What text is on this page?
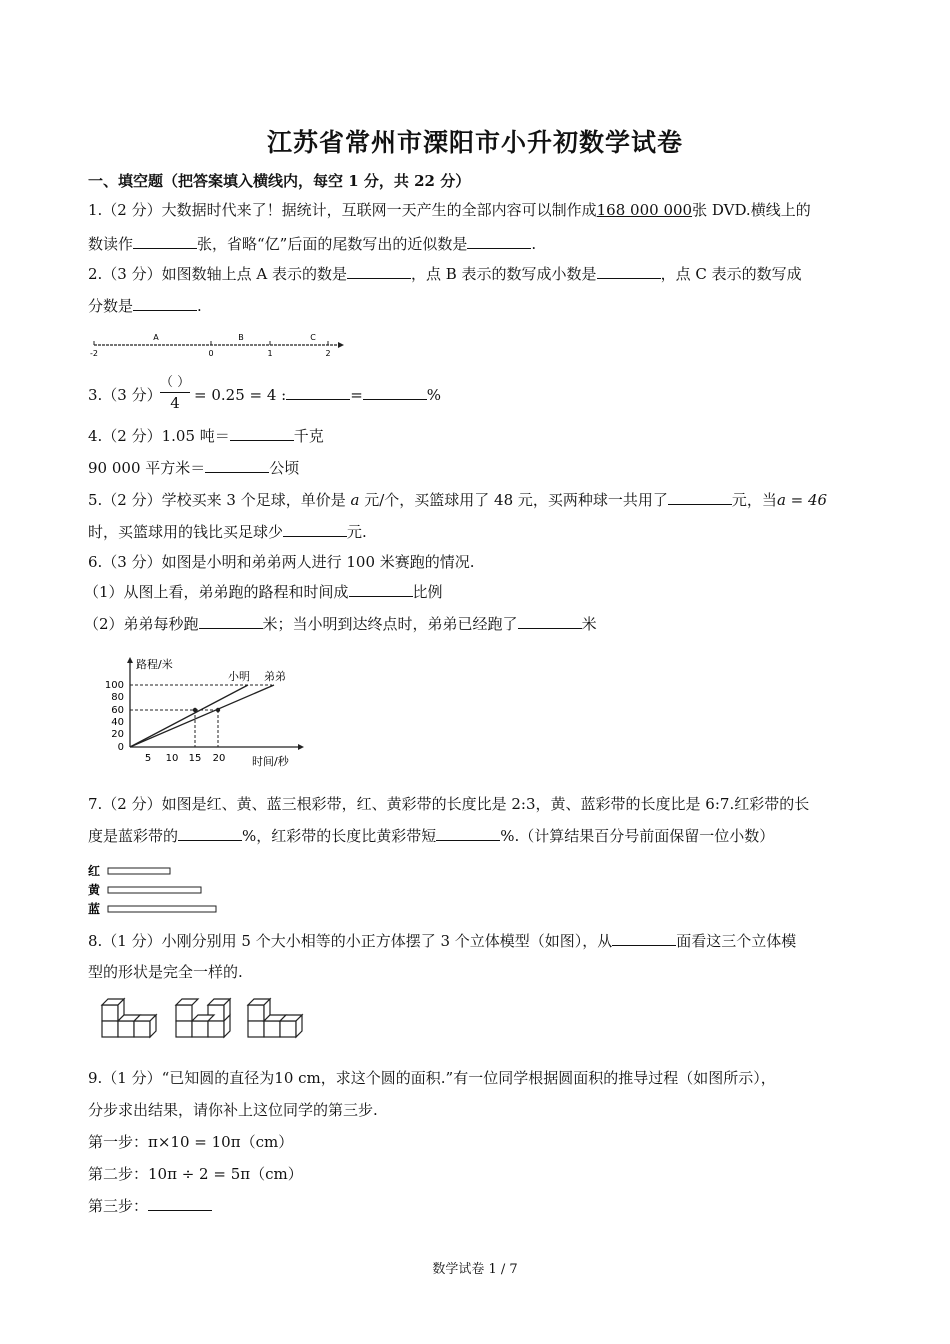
江苏省常州市溧阳市小升初数学试卷
一、填空题（把答案填入横线内，每空 1 分，共 22 分）
1.（2 分）大数据时代来了！据统计，互联网一天产生的全部内容可以制作成168 000 000张 DVD.横线上的
数读作	张，省略“亿”后面的尾数写出的近似数是	.
2.（3 分）如图数轴上点 A 表示的数是	，点 B 表示的数写成小数是	，点 C 表示的数写成
分数是	.
A	B	C
-2	0	1	2
3.（3 分）
（ ）
4 = 0.25 = 4 :	=	%
4.（2 分）1.05 吨＝	千克
90 000 平方米＝	公顷
5.（2 分）学校买来 3 个足球，单价是 a 元/个，买篮球用了 48 元，买两种球一共用了	元，当a = 46
时，买篮球用的钱比买足球少	元.
6.（3 分）如图是小明和弟弟两人进行 100 米赛跑的情况.
（1）从图上看，弟弟跑的路程和时间成	比例
（2）弟弟每秒跑	米；当小明到达终点时，弟弟已经跑了	米
路程/米
时间/秒
小明 弟弟
0
20
40
60
80
100
5 10 15 20
7.（2 分）如图是红、黄、蓝三根彩带，红、黄彩带的长度比是 2:3，黄、蓝彩带的长度比是 6:7.红彩带的长
度是蓝彩带的	%，红彩带的长度比黄彩带短	%.（计算结果百分号前面保留一位小数）
红
黄
蓝
8.（1 分）小刚分别用 5 个大小相等的小正方体摆了 3 个立体模型（如图），从	面看这三个立体模
型的形状是完全一样的.
9.（1 分）“已知圆的直径为10 cm，求这个圆的面积.”有一位同学根据圆面积的推导过程（如图所示），
分步求出结果，请你补上这位同学的第三步.
第一步：π×10 = 10π（cm）
第二步：10π ÷ 2 = 5π（cm）
第三步：
数学试卷 1 / 7
